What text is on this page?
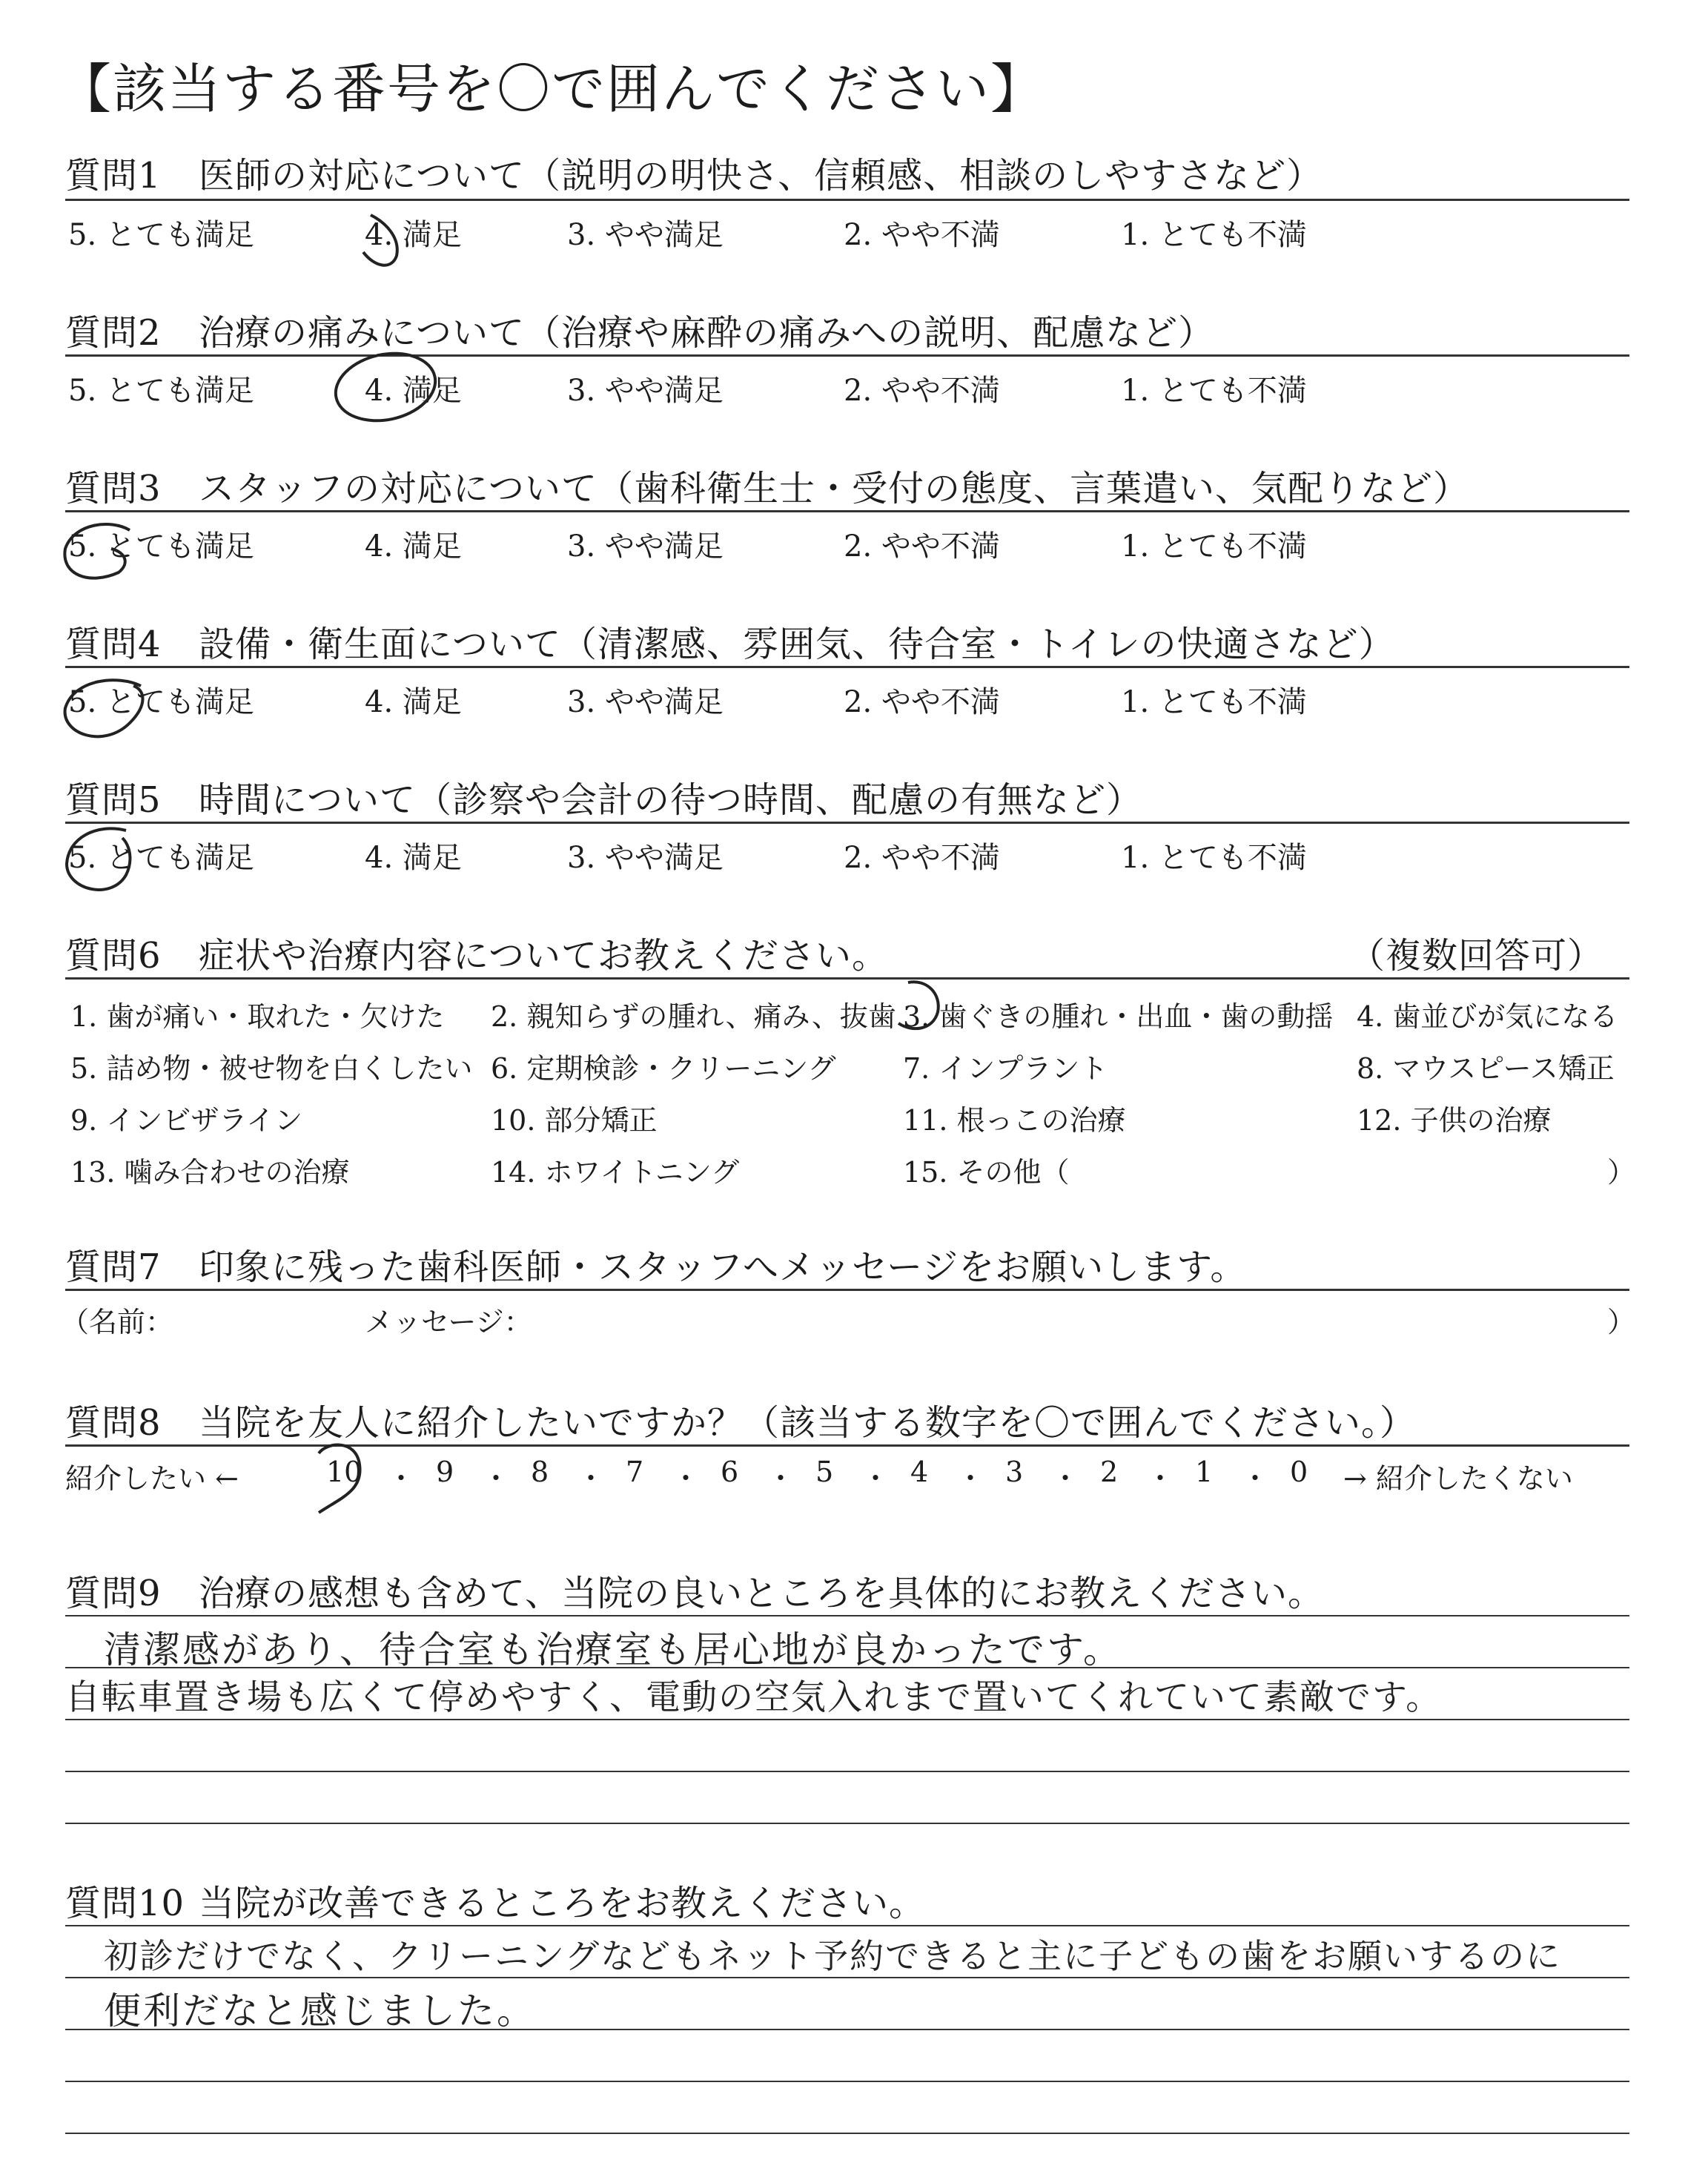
【該当する番号を〇で囲んでください】
質問1 医師の対応について（説明の明快さ、信頼感、相談のしやすさなど）
5. とても満足	4. 満足	3. やや満足	2. やや不満	1. とても不満
質問2 治療の痛みについて（治療や麻酔の痛みへの説明、配慮など）
5. とても満足	4. 満足	3. やや満足	2. やや不満	1. とても不満
質問3 スタッフの対応について（歯科衛生士・受付の態度、言葉遣い、気配りなど）
5. とても満足	4. 満足	3. やや満足	2. やや不満	1. とても不満
質問4 設備・衛生面について（清潔感、雰囲気、待合室・トイレの快適さなど）
5. とても満足	4. 満足	3. やや満足	2. やや不満	1. とても不満
質問5 時間について（診察や会計の待つ時間、配慮の有無など）
5. とても満足	4. 満足	3. やや満足	2. やや不満	1. とても不満
質問6 症状や治療内容についてお教えください。	（複数回答可）
1. 歯が痛い・取れた・欠けた 2. 親知らずの腫れ、痛み、抜歯 3. 歯ぐきの腫れ・出血・歯の動揺 4. 歯並びが気になる
5. 詰め物・被せ物を白くしたい 6. 定期検診・クリーニング 7. インプラント	8. マウスピース矯正
9. インビザライン	10. 部分矯正	11. 根っこの治療	12. 子供の治療
13. 噛み合わせの治療	14. ホワイトニング	15. その他（	）
質問7 印象に残った歯科医師・スタッフへメッセージをお願いします。
（名前：	メッセージ：	）
質問8 当院を友人に紹介したいですか？（該当する数字を〇で囲んでください。）
紹介したい ←	10 ・ 9 ・ 8 ・ 7 ・ 6 ・ 5 ・ 4 ・ 3 ・ 2 ・ 1 ・ 0 → 紹介したくない
質問9 治療の感想も含めて、当院の良いところを具体的にお教えください。
清潔感があり、待合室も治療室も居心地が良かったです。
自転車置き場も広くて停めやすく、電動の空気入れまで置いてくれていて素敵です。
質問10 当院が改善できるところをお教えください。
初診だけでなく、クリーニングなどもネット予約できると主に子どもの歯をお願いするのに
便利だなと感じました。
